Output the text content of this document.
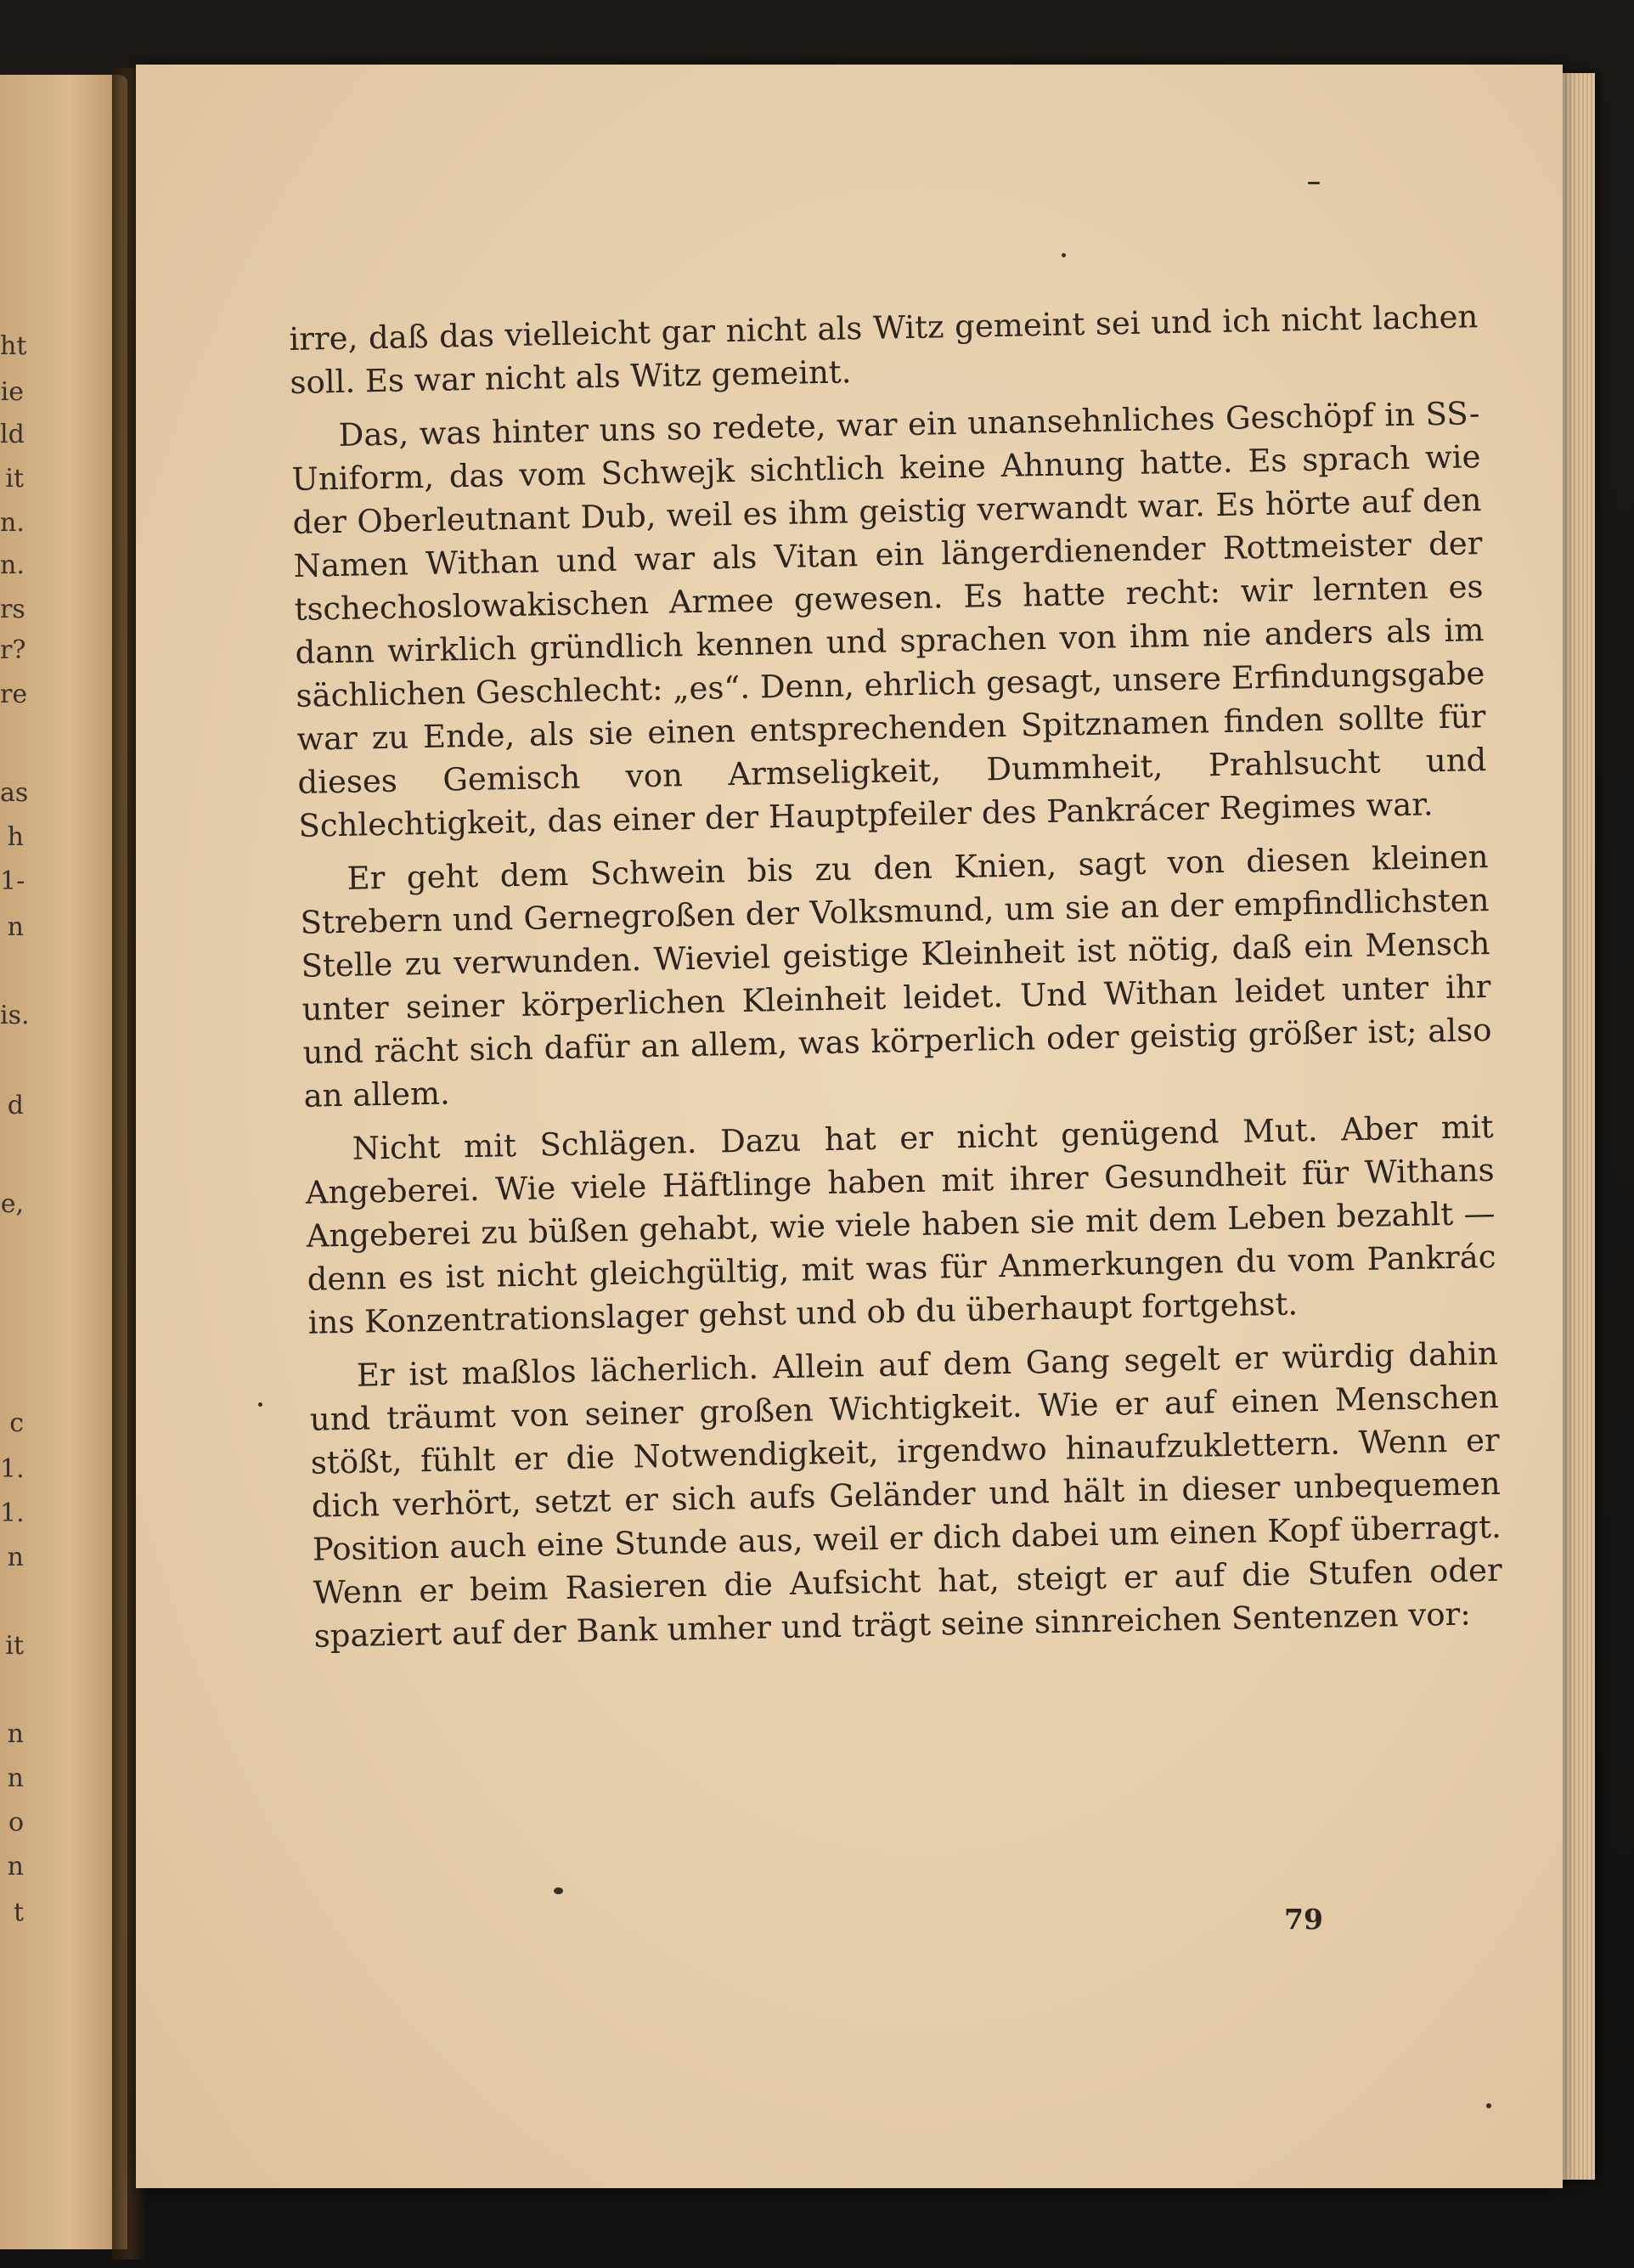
ht
ie
ld
it
n.
n.
rs
r?
re
as
h
1-
n
is.
d
e,
c
1.
1.
n
it
n
n
o
n
t

irre, daß das vielleicht gar nicht als Witz gemeint sei und ich nicht lachen soll. Es war nicht als Witz gemeint.

Das, was hinter uns so redete, war ein unansehnliches Geschöpf in SS-Uniform, das vom Schwejk sichtlich keine Ahnung hatte. Es sprach wie der Oberleutnant Dub, weil es ihm geistig verwandt war. Es hörte auf den Namen Withan und war als Vitan ein längerdienender Rottmeister der tschechoslowakischen Armee gewesen. Es hatte recht: wir lernten es dann wirklich gründlich kennen und sprachen von ihm nie anders als im sächlichen Geschlecht: „es“. Denn, ehrlich gesagt, unsere Erfindungsgabe war zu Ende, als sie einen entsprechenden Spitznamen finden sollte für dieses Gemisch von Armseligkeit, Dummheit, Prahlsucht und Schlechtigkeit, das einer der Hauptpfeiler des Pankrácer Regimes war.

Er geht dem Schwein bis zu den Knien, sagt von diesen kleinen Strebern und Gernegroßen der Volksmund, um sie an der empfindlichsten Stelle zu verwunden. Wieviel geistige Kleinheit ist nötig, daß ein Mensch unter seiner körperlichen Kleinheit leidet. Und Withan leidet unter ihr und rächt sich dafür an allem, was körperlich oder geistig größer ist; also an allem.

Nicht mit Schlägen. Dazu hat er nicht genügend Mut. Aber mit Angeberei. Wie viele Häftlinge haben mit ihrer Gesundheit für Withans Angeberei zu büßen gehabt, wie viele haben sie mit dem Leben bezahlt — denn es ist nicht gleichgültig, mit was für Anmerkungen du vom Pankrác ins Konzentrationslager gehst und ob du überhaupt fortgehst.

Er ist maßlos lächerlich. Allein auf dem Gang segelt er würdig dahin und träumt von seiner großen Wichtigkeit. Wie er auf einen Menschen stößt, fühlt er die Notwendigkeit, irgendwo hinaufzuklettern. Wenn er dich verhört, setzt er sich aufs Geländer und hält in dieser unbequemen Position auch eine Stunde aus, weil er dich dabei um einen Kopf überragt. Wenn er beim Rasieren die Aufsicht hat, steigt er auf die Stufen oder spaziert auf der Bank umher und trägt seine sinnreichen Sentenzen vor:

79
